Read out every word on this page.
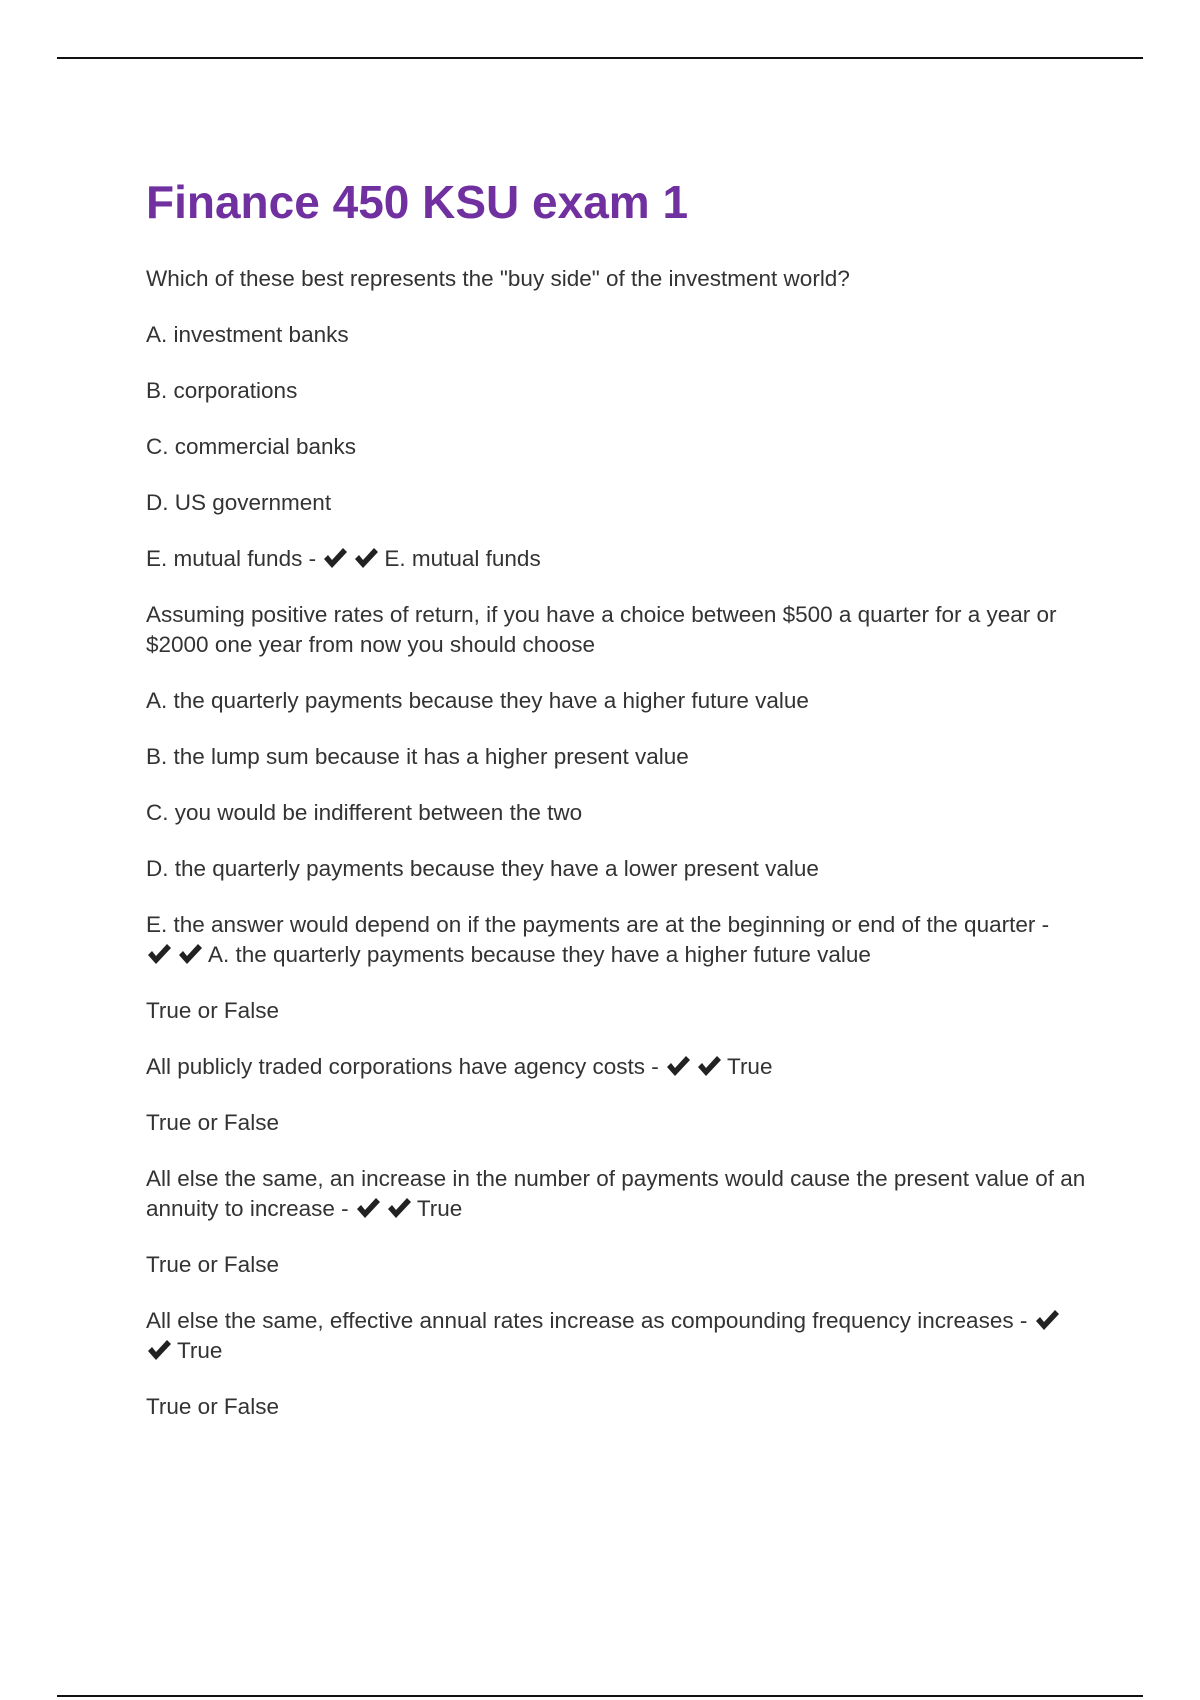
Finance 450 KSU exam 1

Which of these best represents the "buy side" of the investment world?

A. investment banks

B. corporations

C. commercial banks

D. US government

E. mutual funds -	E. mutual funds

Assuming positive rates of return, if you have a choice between $500 a quarter for a year or $2000 one year from now you should choose

A. the quarterly payments because they have a higher future value

B. the lump sum because it has a higher present value

C. you would be indifferent between the two

D. the quarterly payments because they have a lower present value

E. the answer would depend on if the payments are at the beginning or end of the quarter -
A. the quarterly payments because they have a higher future value

True or False

All publicly traded corporations have agency costs -	True

True or False

All else the same, an increase in the number of payments would cause the present value of an annuity to increase -	True

True or False

All else the same, effective annual rates increase as compounding frequency increases -
True

True or False
